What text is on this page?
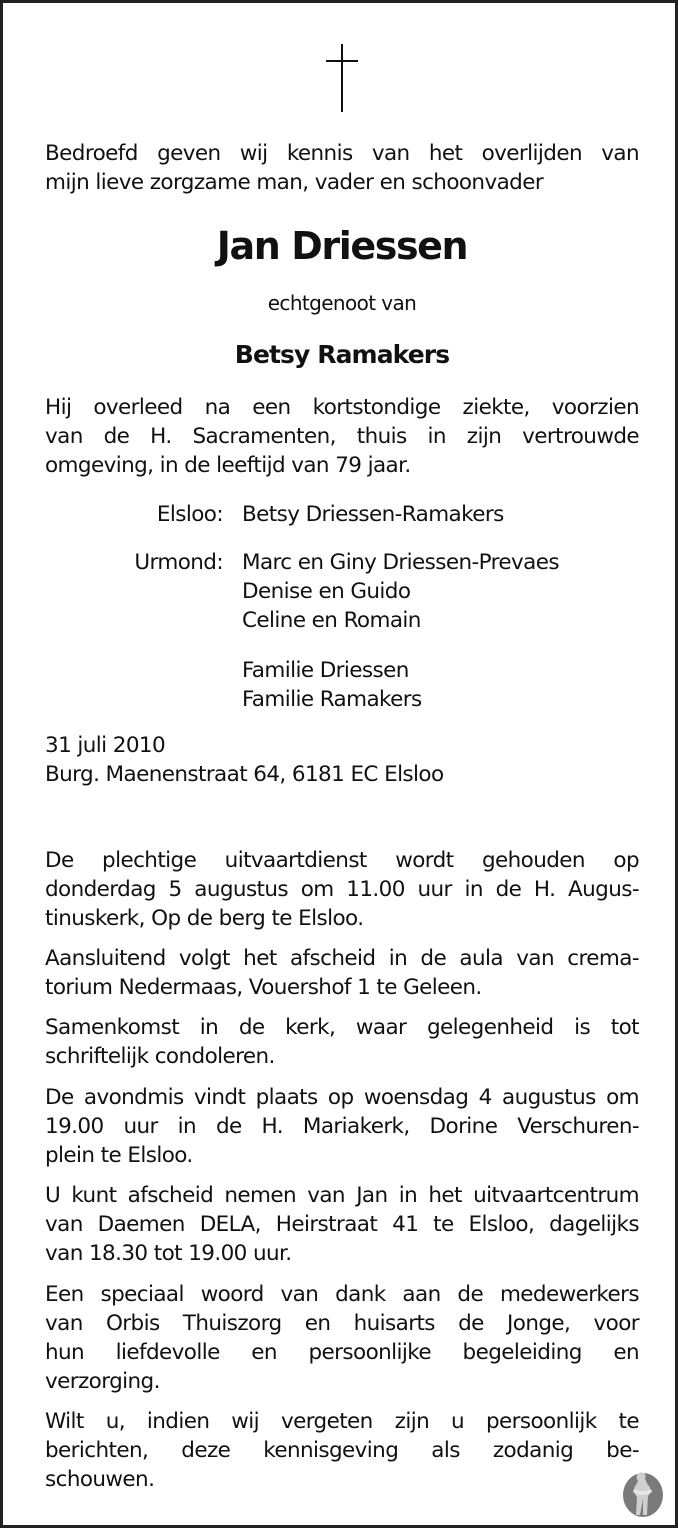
Bedroefd geven wij kennis van het overlijden van
mijn lieve zorgzame man, vader en schoonvader
Jan Driessen
echtgenoot van
Betsy Ramakers
Hij overleed na een kortstondige ziekte, voorzien
van de H. Sacramenten, thuis in zijn vertrouwde
omgeving, in de leeftijd van 79 jaar.
Elsloo: Betsy Driessen-Ramakers
Urmond: Marc en Giny Driessen-Prevaes
Denise en Guido
Celine en Romain
Familie Driessen
Familie Ramakers
31 juli 2010
Burg. Maenenstraat 64, 6181 EC Elsloo
De plechtige uitvaartdienst wordt gehouden op
donderdag 5 augustus om 11.00 uur in de H. Augus-
tinuskerk, Op de berg te Elsloo.
Aansluitend volgt het afscheid in de aula van crema-
torium Nedermaas, Vouershof 1 te Geleen.
Samenkomst in de kerk, waar gelegenheid is tot
schriftelijk condoleren.
De avondmis vindt plaats op woensdag 4 augustus om
19.00 uur in de H. Mariakerk, Dorine Verschuren-
plein te Elsloo.
U kunt afscheid nemen van Jan in het uitvaartcentrum
van Daemen DELA, Heirstraat 41 te Elsloo, dagelijks
van 18.30 tot 19.00 uur.
Een speciaal woord van dank aan de medewerkers
van Orbis Thuiszorg en huisarts de Jonge, voor
hun liefdevolle en persoonlijke begeleiding en
verzorging.
Wilt u, indien wij vergeten zijn u persoonlijk te
berichten, deze kennisgeving als zodanig be-
schouwen.
